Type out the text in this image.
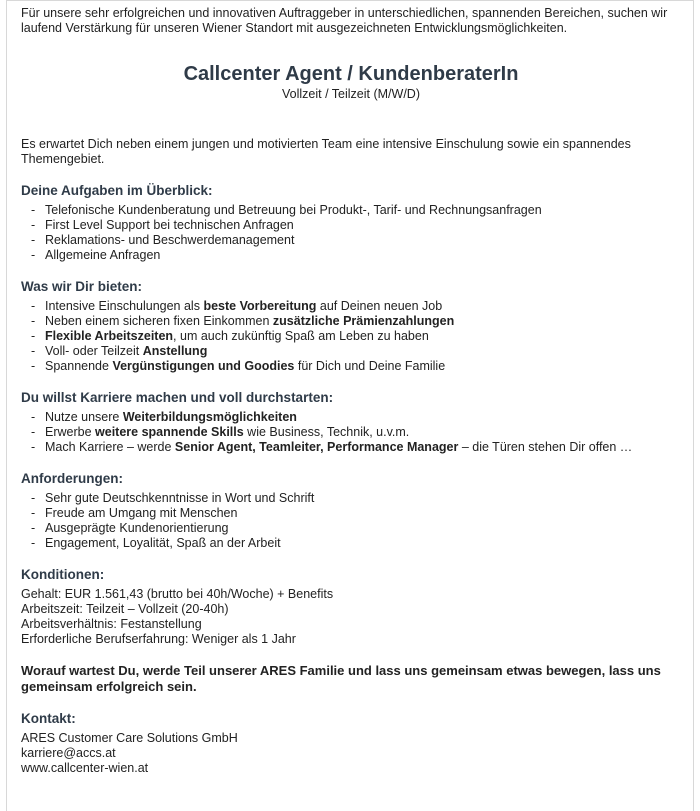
Für unsere sehr erfolgreichen und innovativen Auftraggeber in unterschiedlichen, spannenden Bereichen, suchen wir laufend Verstärkung für unseren Wiener Standort mit ausgezeichneten Entwicklungsmöglichkeiten.

Callcenter Agent / KundenberaterIn
Vollzeit / Teilzeit (M/W/D)

Es erwartet Dich neben einem jungen und motivierten Team eine intensive Einschulung sowie ein spannendes Themengebiet.

Deine Aufgaben im Überblick:
- Telefonische Kundenberatung und Betreuung bei Produkt-, Tarif- und Rechnungsanfragen
- First Level Support bei technischen Anfragen
- Reklamations- und Beschwerdemanagement
- Allgemeine Anfragen
Was wir Dir bieten:
- Intensive Einschulungen als beste Vorbereitung auf Deinen neuen Job
- Neben einem sicheren fixen Einkommen zusätzliche Prämienzahlungen
- Flexible Arbeitszeiten, um auch zukünftig Spaß am Leben zu haben
- Voll- oder Teilzeit Anstellung
- Spannende Vergünstigungen und Goodies für Dich und Deine Familie
Du willst Karriere machen und voll durchstarten:
- Nutze unsere Weiterbildungsmöglichkeiten
- Erwerbe weitere spannende Skills wie Business, Technik, u.v.m.
- Mach Karriere – werde Senior Agent, Teamleiter, Performance Manager – die Türen stehen Dir offen …
Anforderungen:
- Sehr gute Deutschkenntnisse in Wort und Schrift
- Freude am Umgang mit Menschen
- Ausgeprägte Kundenorientierung
- Engagement, Loyalität, Spaß an der Arbeit
Konditionen:
Gehalt: EUR 1.561,43 (brutto bei 40h/Woche) + Benefits
Arbeitszeit: Teilzeit – Vollzeit (20-40h)
Arbeitsverhältnis: Festanstellung
Erforderliche Berufserfahrung: Weniger als 1 Jahr
Worauf wartest Du, werde Teil unserer ARES Familie und lass uns gemeinsam etwas bewegen, lass uns gemeinsam erfolgreich sein.
Kontakt:
ARES Customer Care Solutions GmbH
karriere@accs.at
www.callcenter-wien.at
